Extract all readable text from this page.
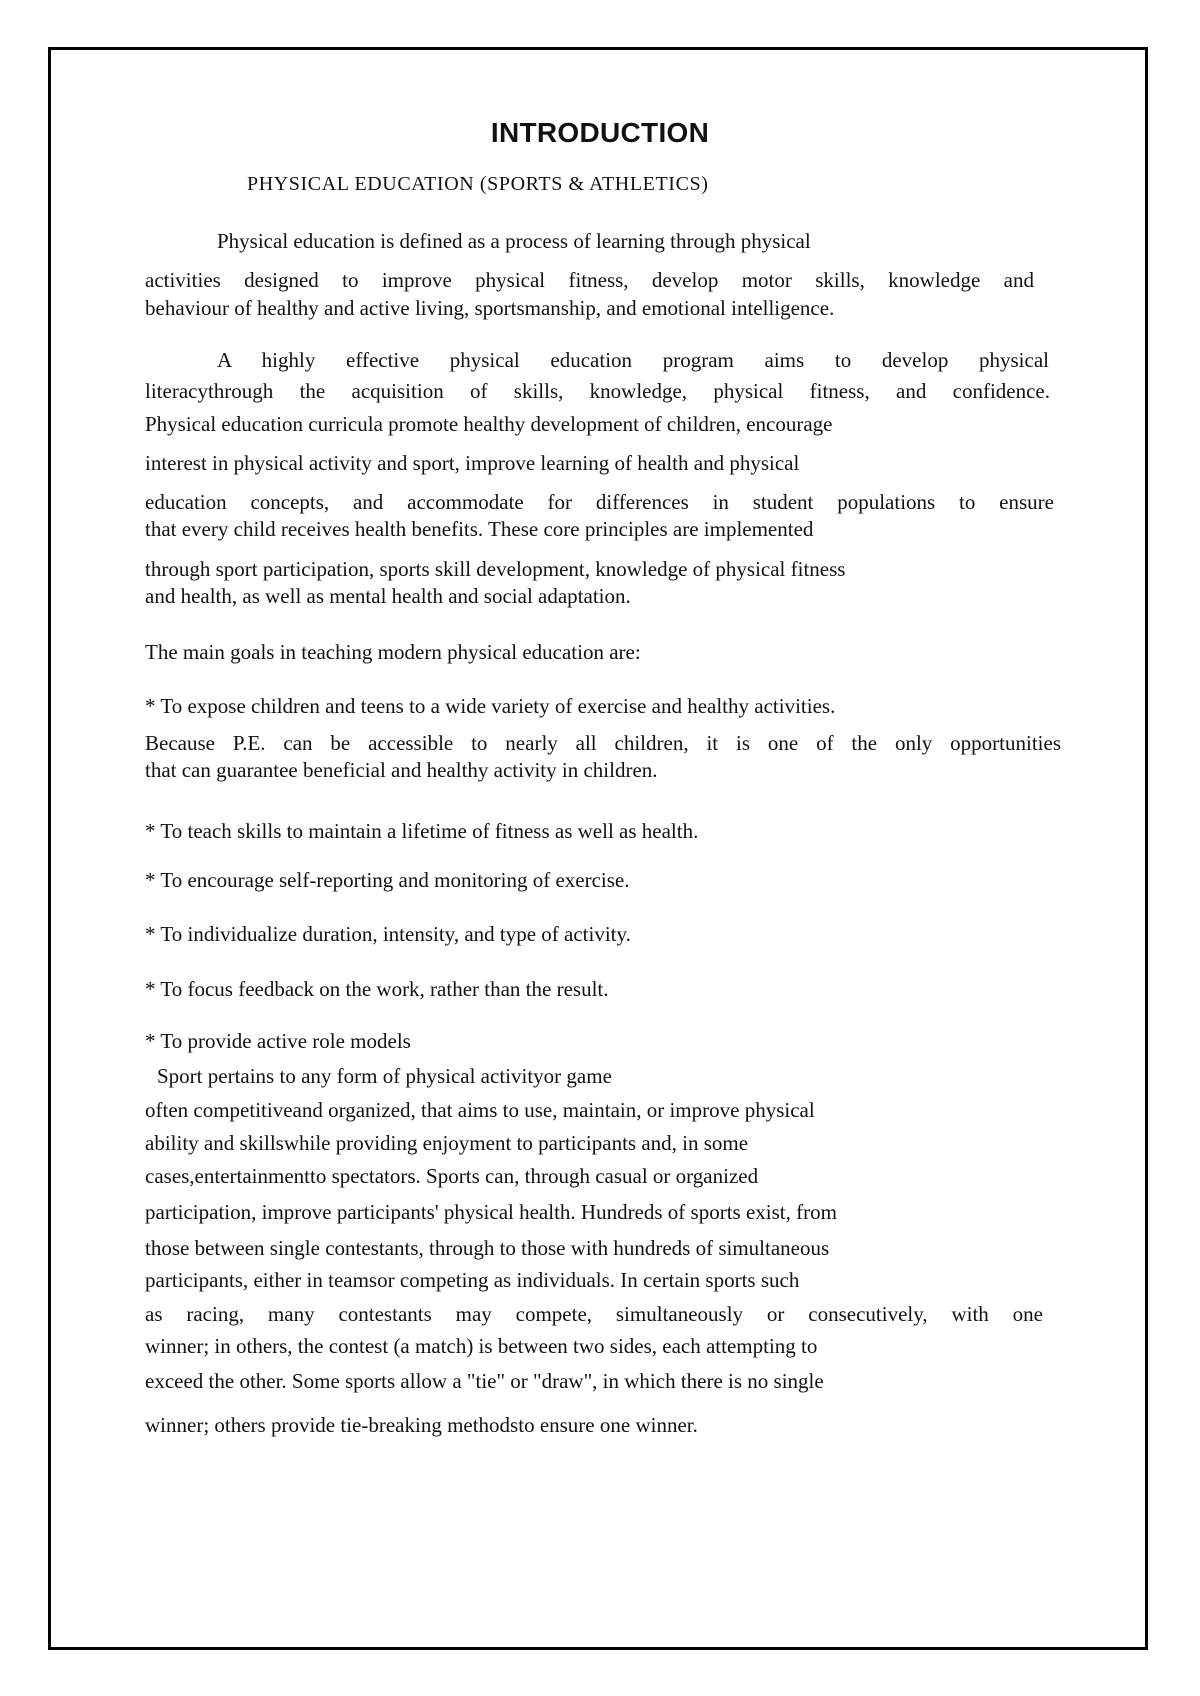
INTRODUCTION
PHYSICAL EDUCATION (SPORTS & ATHLETICS)
Physical education is defined as a process of learning through physical
activities designed to improve physical fitness, develop motor skills, knowledge and
behaviour of healthy and active living, sportsmanship, and emotional intelligence.
A highly effective physical education program aims to develop physical
literacythrough the acquisition of skills, knowledge, physical fitness, and confidence.
Physical education curricula promote healthy development of children, encourage
interest in physical activity and sport, improve learning of health and physical
education concepts, and accommodate for differences in student populations to ensure
that every child receives health benefits. These core principles are implemented
through sport participation, sports skill development, knowledge of physical fitness
and health, as well as mental health and social adaptation.
The main goals in teaching modern physical education are:
* To expose children and teens to a wide variety of exercise and healthy activities.
Because P.E. can be accessible to nearly all children, it is one of the only opportunities
that can guarantee beneficial and healthy activity in children.
* To teach skills to maintain a lifetime of fitness as well as health.
* To encourage self-reporting and monitoring of exercise.
* To individualize duration, intensity, and type of activity.
* To focus feedback on the work, rather than the result.
* To provide active role models
Sport pertains to any form of physical activityor game
often competitiveand organized, that aims to use, maintain, or improve physical
ability and skillswhile providing enjoyment to participants and, in some
cases,entertainmentto spectators. Sports can, through casual or organized
participation, improve participants' physical health. Hundreds of sports exist, from
those between single contestants, through to those with hundreds of simultaneous
participants, either in teamsor competing as individuals. In certain sports such
as racing, many contestants may compete, simultaneously or consecutively, with one
winner; in others, the contest (a match) is between two sides, each attempting to
exceed the other. Some sports allow a "tie" or "draw", in which there is no single
winner; others provide tie-breaking methodsto ensure one winner.
